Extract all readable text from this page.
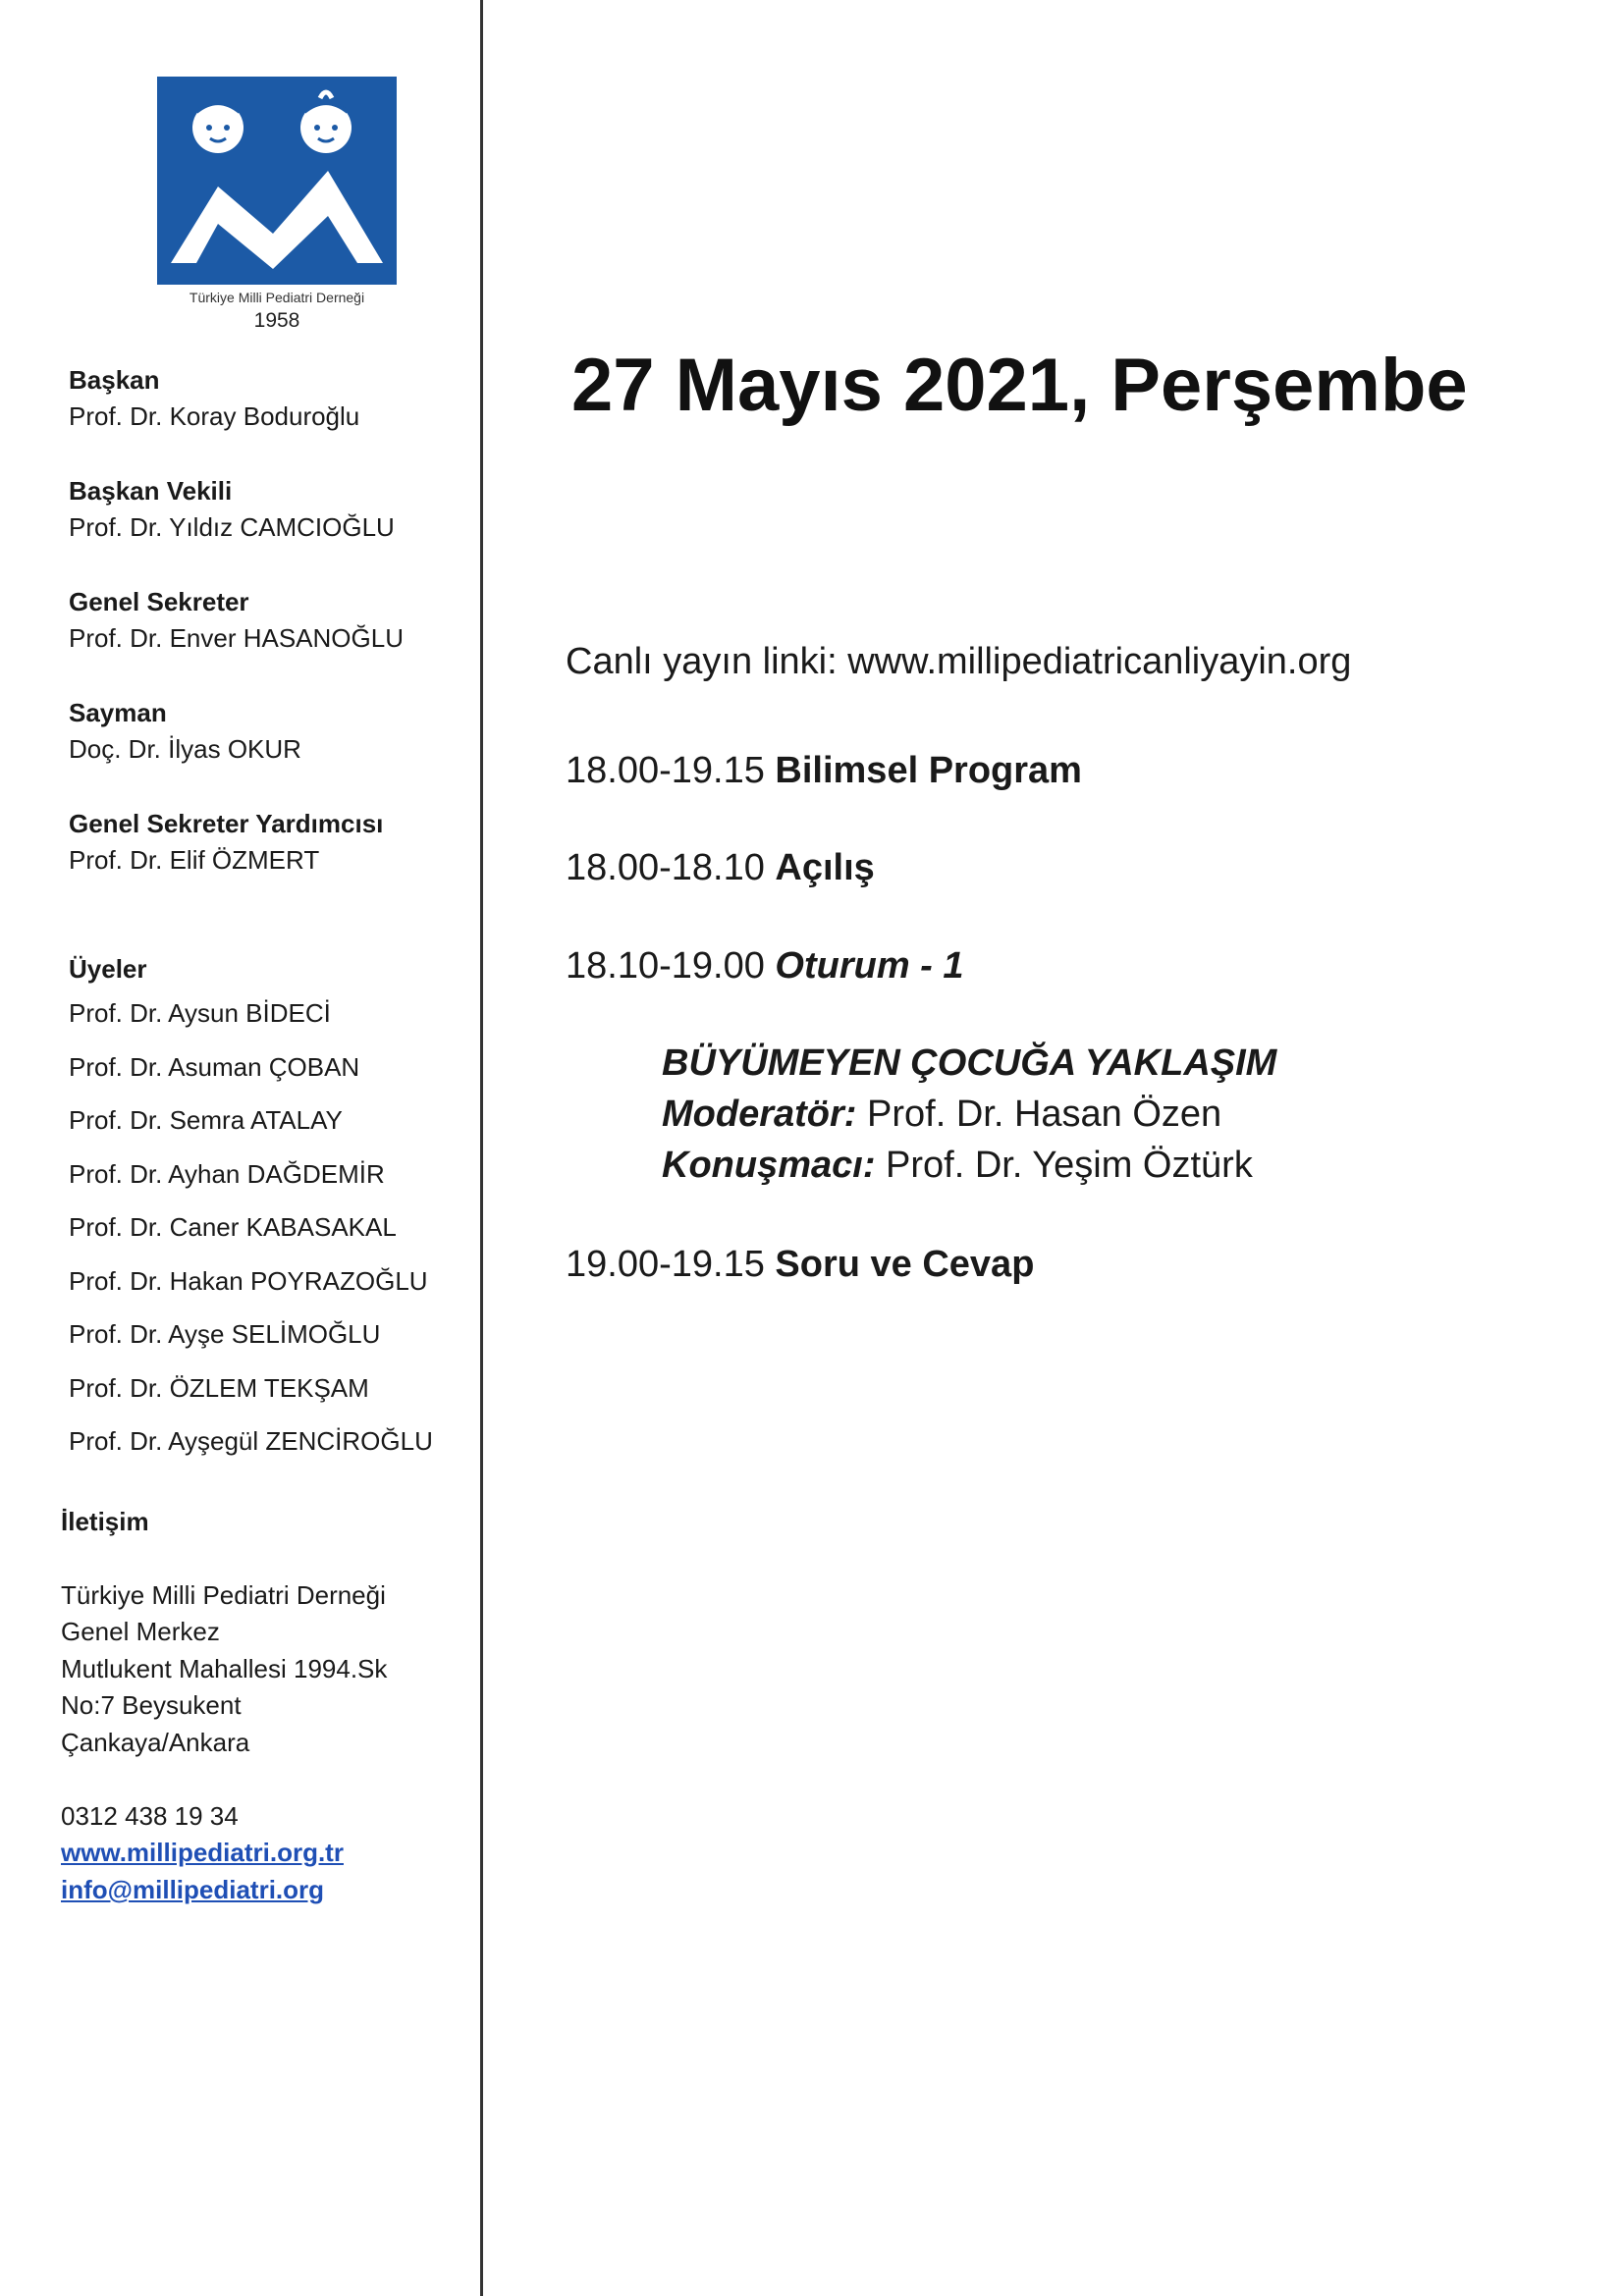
Türkiye Milli Pediatri Derneği
1958
Başkan
Prof. Dr. Koray Boduroğlu
Başkan Vekili
Prof. Dr. Yıldız CAMCIOĞLU
Genel Sekreter
Prof. Dr. Enver HASANOĞLU
Sayman
Doç. Dr. İlyas OKUR
Genel Sekreter Yardımcısı
Prof. Dr. Elif ÖZMERT
Üyeler
Prof. Dr. Aysun BİDECİ
Prof. Dr. Asuman ÇOBAN
Prof. Dr. Semra ATALAY
Prof. Dr. Ayhan DAĞDEMİR
Prof. Dr. Caner KABASAKAL
Prof. Dr. Hakan POYRAZOĞLU
Prof. Dr. Ayşe SELİMOĞLU
Prof. Dr. ÖZLEM TEKŞAM
Prof. Dr. Ayşegül ZENCİROĞLU
İletişim
Türkiye Milli Pediatri Derneği
Genel Merkez
Mutlukent Mahallesi 1994.Sk
No:7 Beysukent
Çankaya/Ankara
0312 438 19 34
www.millipediatri.org.tr
info@millipediatri.org
27 Mayıs 2021, Perşembe
Canlı yayın linki: www.millipediatricanliyayin.org
18.00-19.15 Bilimsel Program
18.00-18.10 Açılış
18.10-19.00 Oturum - 1
BÜYÜMEYEN ÇOCUĞA YAKLAŞIM
Moderatör: Prof. Dr. Hasan Özen
Konuşmacı: Prof. Dr. Yeşim Öztürk
19.00-19.15 Soru ve Cevap
